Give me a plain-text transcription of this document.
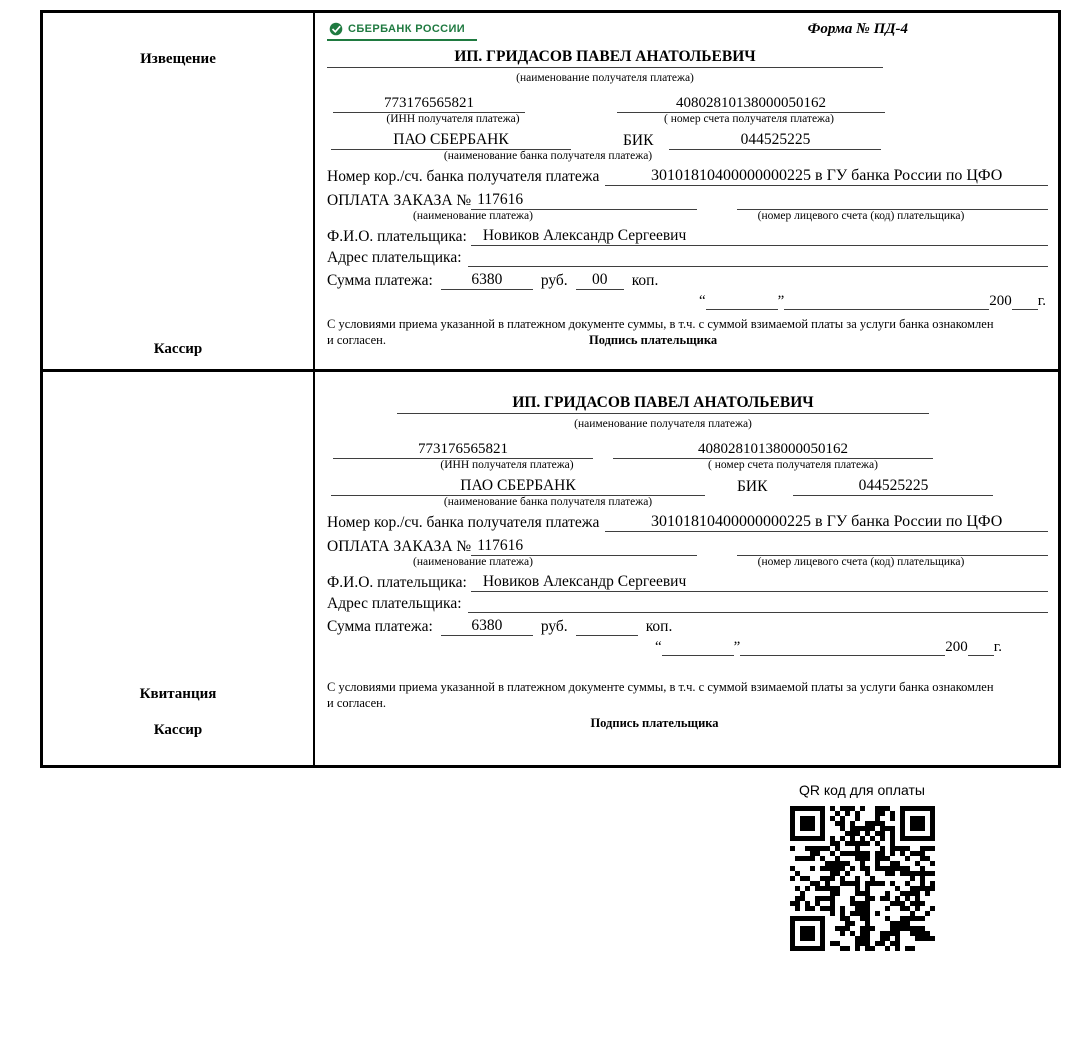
Извещение
Кассир
СБЕРБАНК РОССИИ	Форма № ПД-4
ИП. ГРИДАСОВ ПАВЕЛ АНАТОЛЬЕВИЧ
(наименование получателя платежа)
773176565821	40802810138000050162
(ИНН получателя платежа)	( номер счета получателя платежа)
ПАО СБЕРБАНК	БИК	044525225
(наименование банка получателя платежа)
Номер кор./сч. банка получателя платежа	30101810400000000225 в ГУ банка России по ЦФО
ОПЛАТА ЗАКАЗА № 117616
(наименование платежа)	(номер лицевого счета (код) плательщика)
Ф.И.О. плательщика:	Новиков Александр Сергеевич
Адрес плательщика:
Сумма платежа:	6380	руб.	00	коп.
“	”	200 г.

С условиями приема указанной в платежном документе суммы, в т.ч. с суммой взимаемой платы за услуги банка ознакомлен и согласен.	Подпись плательщика
Квитанция
Кассир
ИП. ГРИДАСОВ ПАВЕЛ АНАТОЛЬЕВИЧ
(наименование получателя платежа)
773176565821	40802810138000050162
(ИНН получателя платежа)	( номер счета получателя платежа)
ПАО СБЕРБАНК	БИК	044525225
(наименование банка получателя платежа)
Номер кор./сч. банка получателя платежа	30101810400000000225 в ГУ банка России по ЦФО
ОПЛАТА ЗАКАЗА № 117616
(наименование платежа)	(номер лицевого счета (код) плательщика)
Ф.И.О. плательщика:	Новиков Александр Сергеевич
Адрес плательщика:
Сумма платежа:	6380	руб.	коп.
“	”	200 г.

С условиями приема указанной в платежном документе суммы, в т.ч. с суммой взимаемой платы за услуги банка ознакомлен и согласен.

Подпись плательщика
QR код для оплаты
